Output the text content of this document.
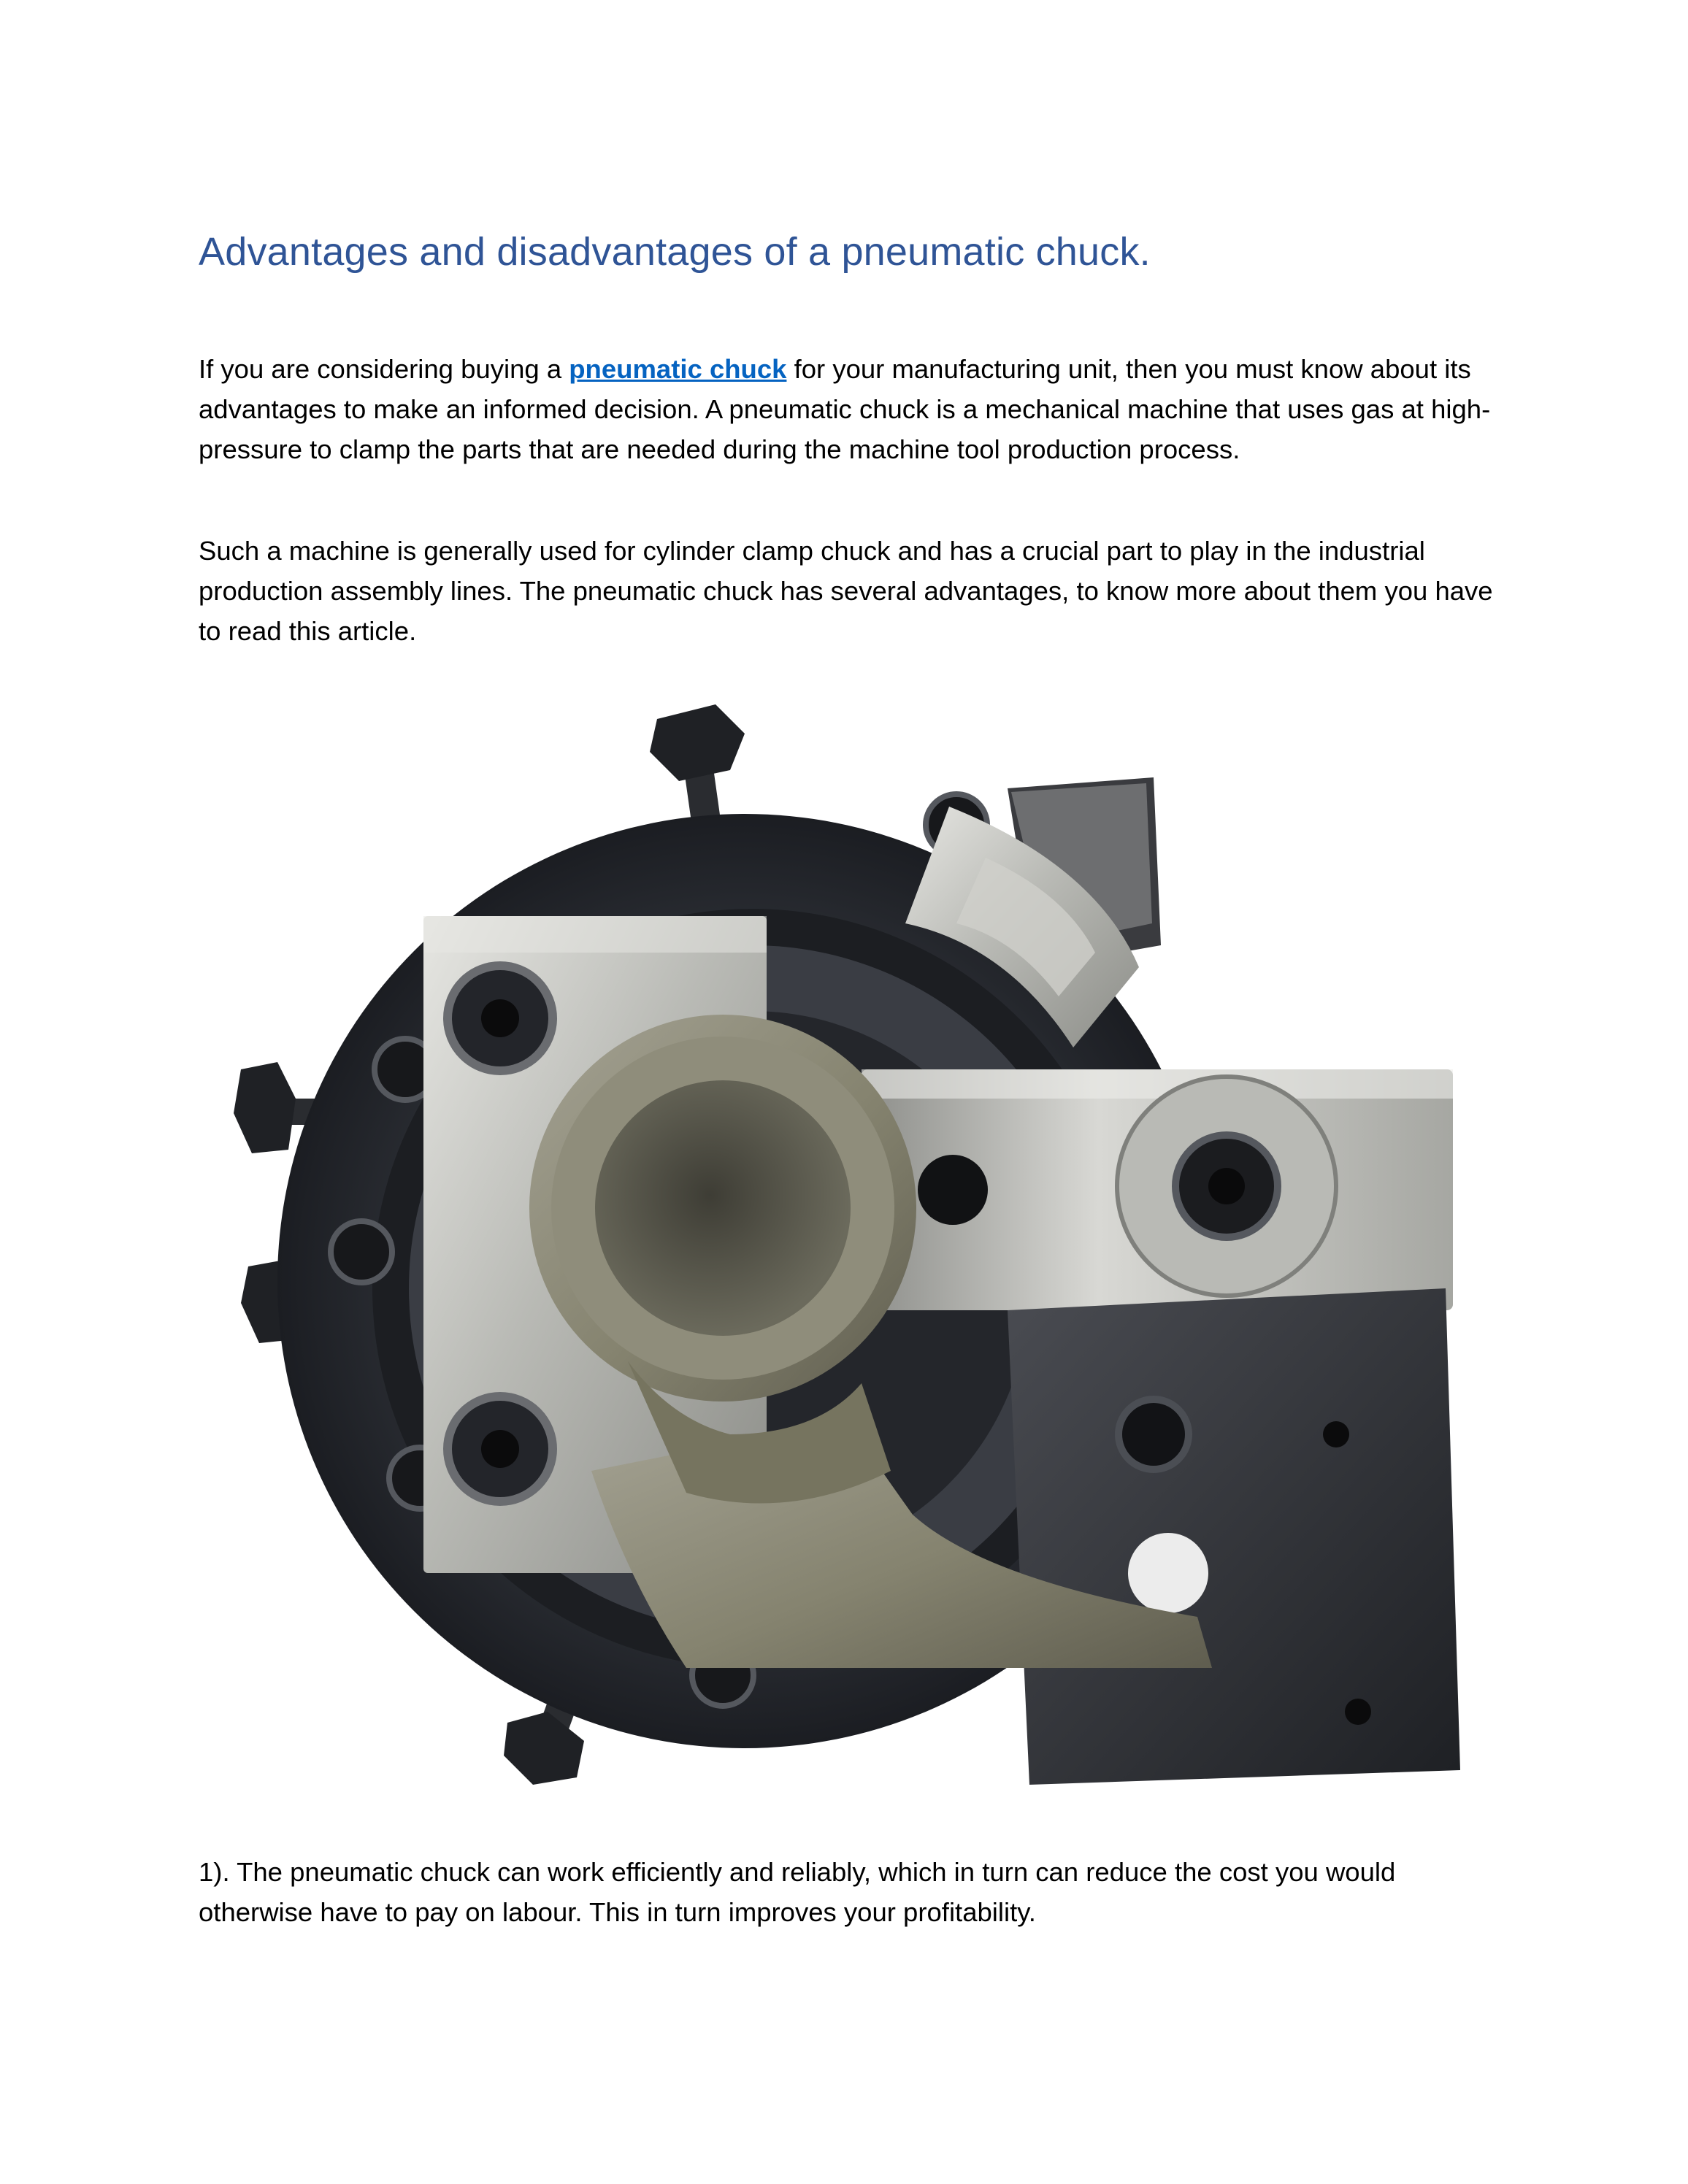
Advantages and disadvantages of a pneumatic chuck.

If you are considering buying a pneumatic chuck for your manufacturing unit, then you must know about its advantages to make an informed decision. A pneumatic chuck is a mechanical machine that uses gas at high-pressure to clamp the parts that are needed during the machine tool production process.

Such a machine is generally used for cylinder clamp chuck and has a crucial part to play in the industrial production assembly lines. The pneumatic chuck has several advantages, to know more about them you have to read this article.

1). The pneumatic chuck can work efficiently and reliably, which in turn can reduce the cost you would otherwise have to pay on labour. This in turn improves your profitability.
